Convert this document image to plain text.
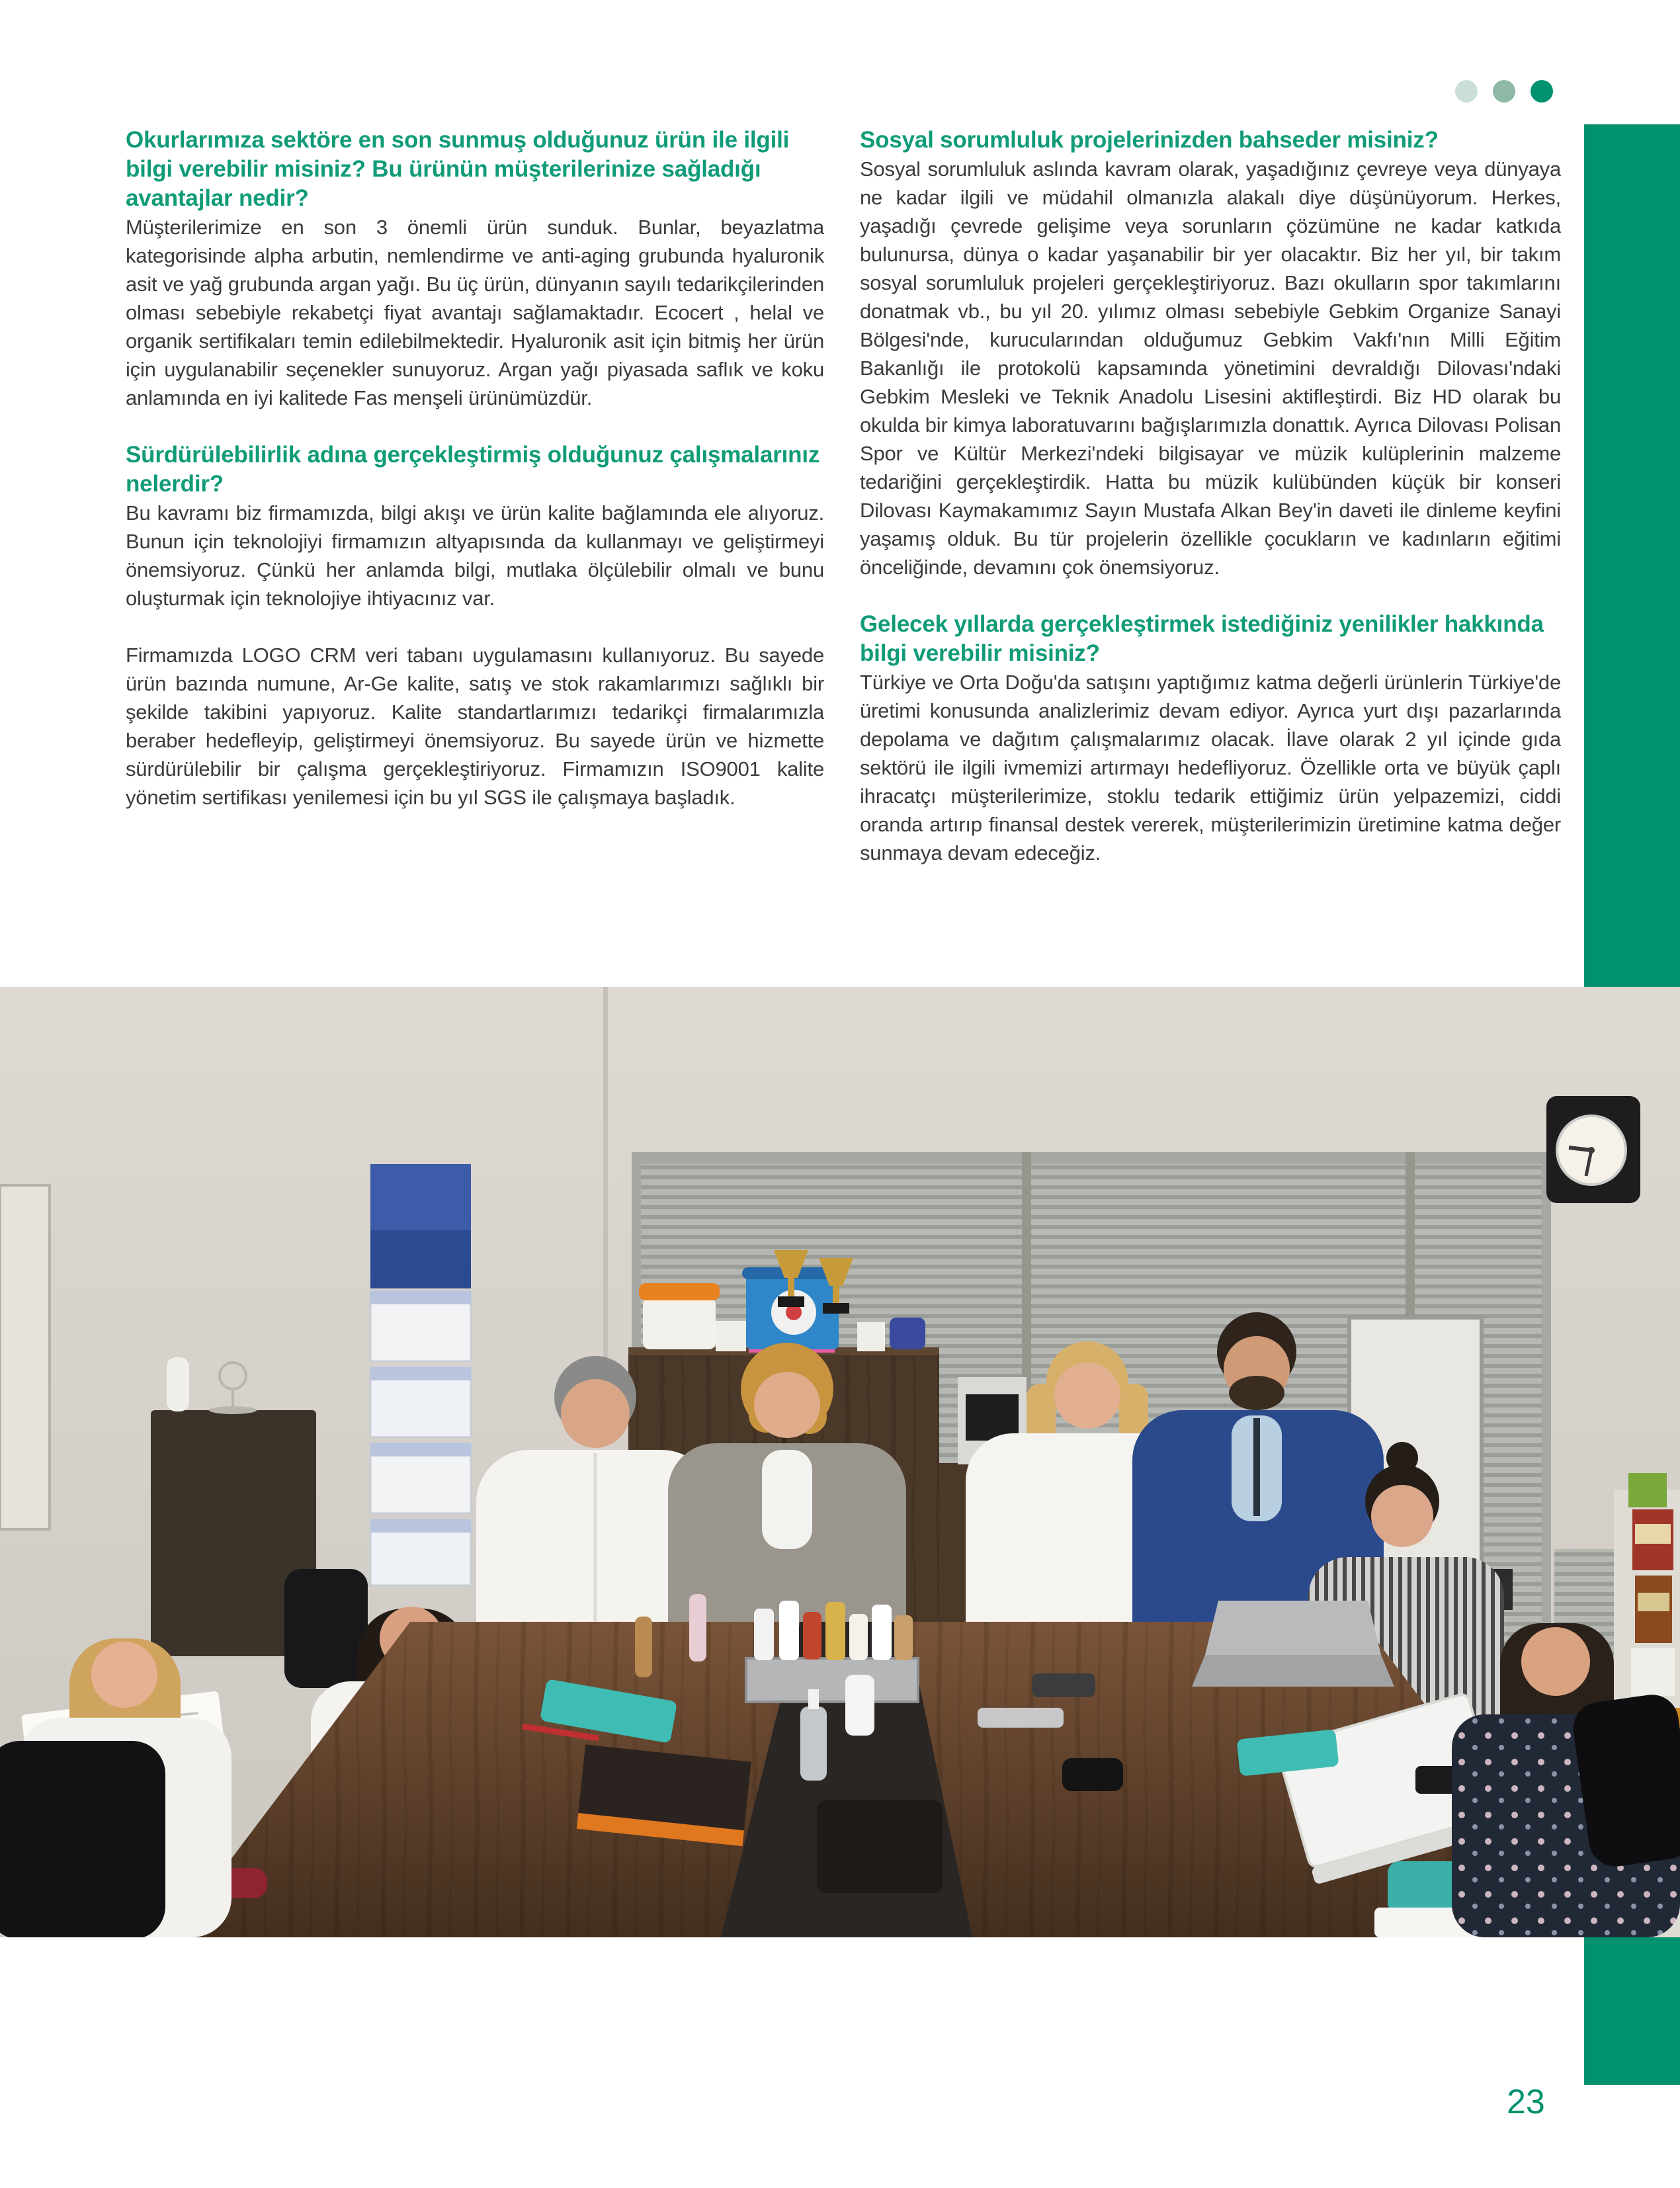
Okurlarımıza sektöre en son sunmuş olduğunuz ürün ile ilgili bilgi verebilir misiniz? Bu ürünün müşterilerinize sağladığı avantajlar nedir?

Müşterilerimize en son 3 önemli ürün sunduk. Bunlar, beyazlatma kategorisinde alpha arbutin, nemlendirme ve anti-aging grubunda hyaluronik asit ve yağ grubunda argan yağı. Bu üç ürün, dünyanın sayılı tedarikçilerinden olması sebebiyle rekabetçi fiyat avantajı sağlamaktadır. Ecocert , helal ve organik sertifikaları temin edilebilmektedir. Hyaluronik asit için bitmiş her ürün için uygulanabilir seçenekler sunuyoruz. Argan yağı piyasada saflık ve koku anlamında en iyi kalitede Fas menşeli ürünümüzdür.

Sürdürülebilirlik adına gerçekleştirmiş olduğunuz çalışmalarınız nelerdir?

Bu kavramı biz firmamızda, bilgi akışı ve ürün kalite bağlamında ele alıyoruz. Bunun için teknolojiyi firmamızın altyapısında da kullanmayı ve geliştirmeyi önemsiyoruz. Çünkü her anlamda bilgi, mutlaka ölçülebilir olmalı ve bunu oluşturmak için teknolojiye ihtiyacınız var.

Firmamızda LOGO CRM veri tabanı uygulamasını kullanıyoruz. Bu sayede ürün bazında numune, Ar-Ge kalite, satış ve stok rakamlarımızı sağlıklı bir şekilde takibini yapıyoruz. Kalite standartlarımızı tedarikçi firmalarımızla beraber hedefleyip, geliştirmeyi önemsiyoruz. Bu sayede ürün ve hizmette sürdürülebilir bir çalışma gerçekleştiriyoruz. Firmamızın ISO9001 kalite yönetim sertifikası yenilemesi için bu yıl SGS ile çalışmaya başladık.

Sosyal sorumluluk projelerinizden bahseder misiniz?

Sosyal sorumluluk aslında kavram olarak, yaşadığınız çevreye veya dünyaya ne kadar ilgili ve müdahil olmanızla alakalı diye düşünüyorum. Herkes, yaşadığı çevrede gelişime veya sorunların çözümüne ne kadar katkıda bulunursa, dünya o kadar yaşanabilir bir yer olacaktır. Biz her yıl, bir takım sosyal sorumluluk projeleri gerçekleştiriyoruz. Bazı okulların spor takımlarını donatmak vb., bu yıl 20. yılımız olması sebebiyle Gebkim Organize Sanayi Bölgesi'nde, kurucularından olduğumuz Gebkim Vakfı'nın Milli Eğitim Bakanlığı ile protokolü kapsamında yönetimini devraldığı Dilovası'ndaki Gebkim Mesleki ve Teknik Anadolu Lisesini aktifleştirdi. Biz HD olarak bu okulda bir kimya laboratuvarını bağışlarımızla donattık. Ayrıca Dilovası Polisan Spor ve Kültür Merkezi'ndeki bilgisayar ve müzik kulüplerinin malzeme tedariğini gerçekleştirdik. Hatta bu müzik kulübünden küçük bir konseri Dilovası Kaymakamımız Sayın Mustafa Alkan Bey'in daveti ile dinleme keyfini yaşamış olduk. Bu tür projelerin özellikle çocukların ve kadınların eğitimi önceliğinde, devamını çok önemsiyoruz.

Gelecek yıllarda gerçekleştirmek istediğiniz yenilikler hakkında bilgi verebilir misiniz?

Türkiye ve Orta Doğu'da satışını yaptığımız katma değerli ürünlerin Türkiye'de üretimi konusunda analizlerimiz devam ediyor. Ayrıca yurt dışı pazarlarında depolama ve dağıtım çalışmalarımız olacak. İlave olarak 2 yıl içinde gıda sektörü ile ilgili ivmemizi artırmayı hedefliyoruz. Özellikle orta ve büyük çaplı ihracatçı müşterilerimize, stoklu tedarik ettiğimiz ürün yelpazemizi, ciddi oranda artırıp finansal destek vererek, müşterilerimizin üretimine katma değer sunmaya devam edeceğiz.

23
